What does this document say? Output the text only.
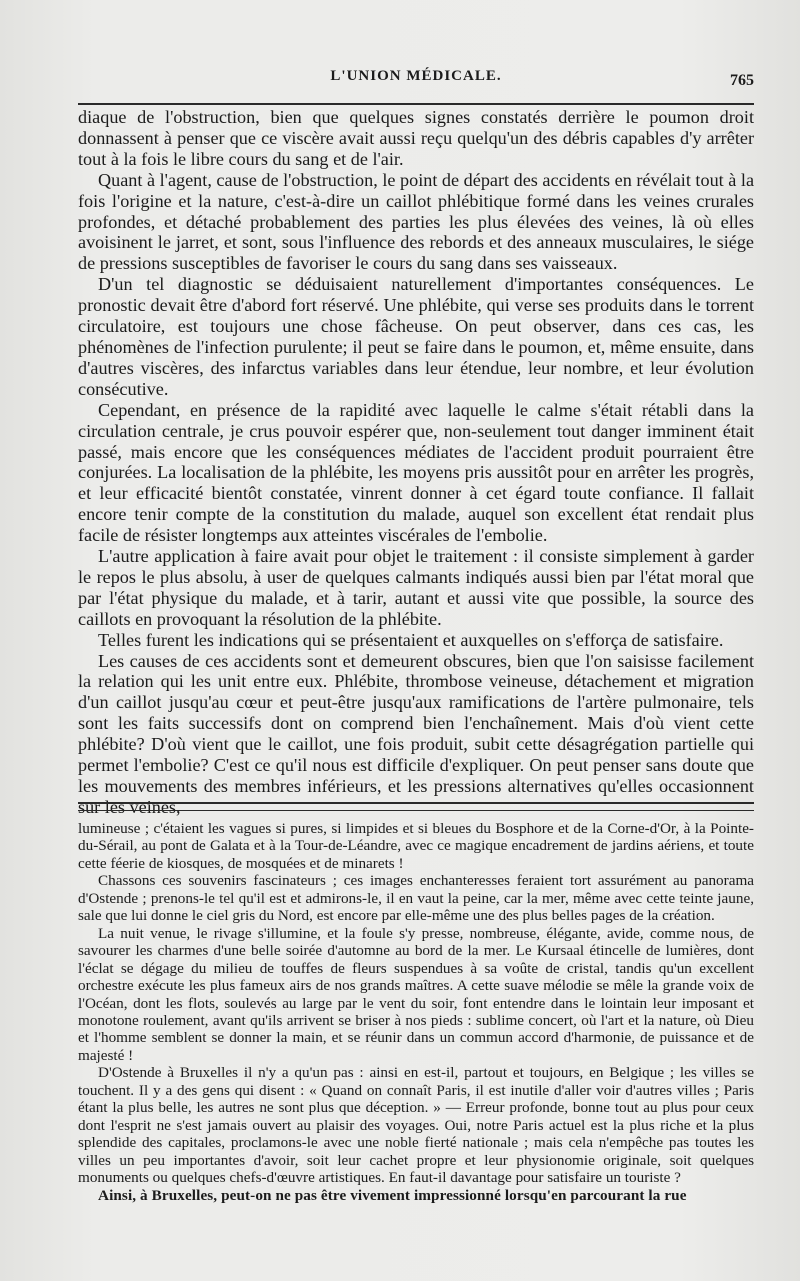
L'UNION MÉDICALE.	765

diaque de l'obstruction, bien que quelques signes constatés derrière le poumon droit donnassent à penser que ce viscère avait aussi reçu quelqu'un des débris capables d'y arrêter tout à la fois le libre cours du sang et de l'air.

Quant à l'agent, cause de l'obstruction, le point de départ des accidents en révélait tout à la fois l'origine et la nature, c'est-à-dire un caillot phlébitique formé dans les veines crurales profondes, et détaché probablement des parties les plus élevées des veines, là où elles avoisinent le jarret, et sont, sous l'influence des rebords et des anneaux musculaires, le siége de pressions susceptibles de favoriser le cours du sang dans ses vaisseaux.

D'un tel diagnostic se déduisaient naturellement d'importantes conséquences. Le pronostic devait être d'abord fort réservé. Une phlébite, qui verse ses produits dans le torrent circulatoire, est toujours une chose fâcheuse. On peut observer, dans ces cas, les phénomènes de l'infection purulente; il peut se faire dans le poumon, et, même ensuite, dans d'autres viscères, des infarctus variables dans leur étendue, leur nombre, et leur évolution consécutive.

Cependant, en présence de la rapidité avec laquelle le calme s'était rétabli dans la circulation centrale, je crus pouvoir espérer que, non-seulement tout danger imminent était passé, mais encore que les conséquences médiates de l'accident produit pourraient être conjurées. La localisation de la phlébite, les moyens pris aussitôt pour en arrêter les progrès, et leur efficacité bientôt constatée, vinrent donner à cet égard toute confiance. Il fallait encore tenir compte de la constitution du malade, auquel son excellent état rendait plus facile de résister longtemps aux atteintes viscérales de l'embolie.

L'autre application à faire avait pour objet le traitement : il consiste simplement à garder le repos le plus absolu, à user de quelques calmants indiqués aussi bien par l'état moral que par l'état physique du malade, et à tarir, autant et aussi vite que possible, la source des caillots en provoquant la résolution de la phlébite.

Telles furent les indications qui se présentaient et auxquelles on s'efforça de satisfaire.

Les causes de ces accidents sont et demeurent obscures, bien que l'on saisisse facilement la relation qui les unit entre eux. Phlébite, thrombose veineuse, détachement et migration d'un caillot jusqu'au cœur et peut-être jusqu'aux ramifications de l'artère pulmonaire, tels sont les faits successifs dont on comprend bien l'enchaînement. Mais d'où vient cette phlébite? D'où vient que le caillot, une fois produit, subit cette désagrégation partielle qui permet l'embolie? C'est ce qu'il nous est difficile d'expliquer. On peut penser sans doute que les mouvements des membres inférieurs, et les pressions alternatives qu'elles occasionnent sur les veines,

lumineuse ; c'étaient les vagues si pures, si limpides et si bleues du Bosphore et de la Corne-d'Or, à la Pointe-du-Sérail, au pont de Galata et à la Tour-de-Léandre, avec ce magique encadrement de jardins aériens, et toute cette féerie de kiosques, de mosquées et de minarets !

Chassons ces souvenirs fascinateurs ; ces images enchanteresses feraient tort assurément au panorama d'Ostende ; prenons-le tel qu'il est et admirons-le, il en vaut la peine, car la mer, même avec cette teinte jaune, sale que lui donne le ciel gris du Nord, est encore par elle-même une des plus belles pages de la création.

La nuit venue, le rivage s'illumine, et la foule s'y presse, nombreuse, élégante, avide, comme nous, de savourer les charmes d'une belle soirée d'automne au bord de la mer. Le Kursaal étincelle de lumières, dont l'éclat se dégage du milieu de touffes de fleurs suspendues à sa voûte de cristal, tandis qu'un excellent orchestre exécute les plus fameux airs de nos grands maîtres. A cette suave mélodie se mêle la grande voix de l'Océan, dont les flots, soulevés au large par le vent du soir, font entendre dans le lointain leur imposant et monotone roulement, avant qu'ils arrivent se briser à nos pieds : sublime concert, où l'art et la nature, où Dieu et l'homme semblent se donner la main, et se réunir dans un commun accord d'harmonie, de puissance et de majesté !

D'Ostende à Bruxelles il n'y a qu'un pas : ainsi en est-il, partout et toujours, en Belgique ; les villes se touchent. Il y a des gens qui disent : « Quand on connaît Paris, il est inutile d'aller voir d'autres villes ; Paris étant la plus belle, les autres ne sont plus que déception. » — Erreur profonde, bonne tout au plus pour ceux dont l'esprit ne s'est jamais ouvert au plaisir des voyages. Oui, notre Paris actuel est la plus riche et la plus splendide des capitales, proclamons-le avec une noble fierté nationale ; mais cela n'empêche pas toutes les villes un peu importantes d'avoir, soit leur cachet propre et leur physionomie originale, soit quelques monuments ou quelques chefs-d'œuvre artistiques. En faut-il davantage pour satisfaire un touriste ?

Ainsi, à Bruxelles, peut-on ne pas être vivement impressionné lorsqu'en parcourant la rue
